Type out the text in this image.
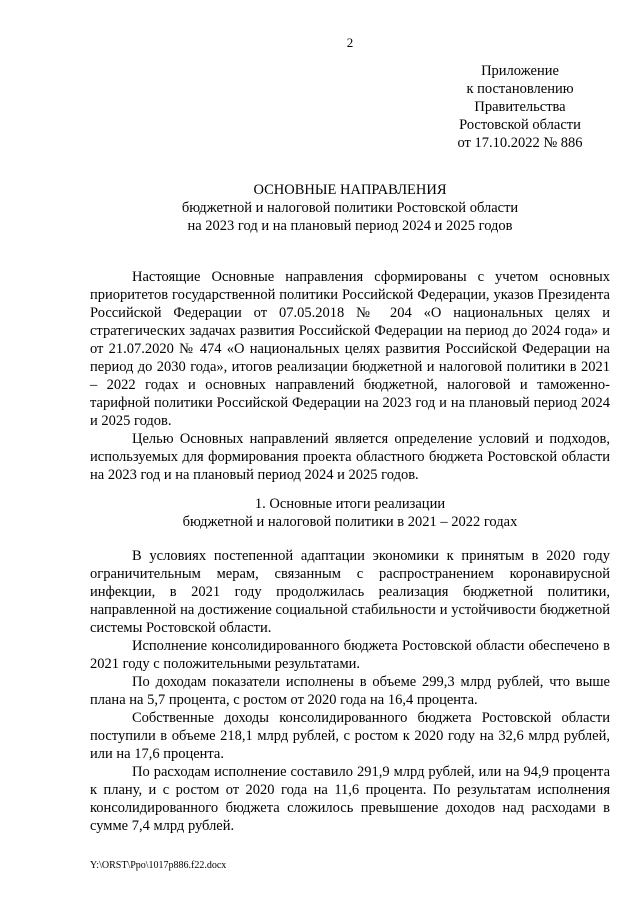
2
Приложение
к постановлению
Правительства
Ростовской области
от 17.10.2022 № 886
ОСНОВНЫЕ НАПРАВЛЕНИЯ
бюджетной и налоговой политики Ростовской области
на 2023 год и на плановый период 2024 и 2025 годов

Настоящие Основные направления сформированы с учетом основных приоритетов государственной политики Российской Федерации, указов Президента Российской Федерации от 07.05.2018 № 204 «О национальных целях и стратегических задачах развития Российской Федерации на период до 2024 года» и от 21.07.2020 № 474 «О национальных целях развития Российской Федерации на период до 2030 года», итогов реализации бюджетной и налоговой политики в 2021 – 2022 годах и основных направлений бюджетной, налоговой и таможенно-тарифной политики Российской Федерации на 2023 год и на плановый период 2024 и 2025 годов.

Целью Основных направлений является определение условий и подходов, используемых для формирования проекта областного бюджета Ростовской области на 2023 год и на плановый период 2024 и 2025 годов.

1. Основные итоги реализации
бюджетной и налоговой политики в 2021 – 2022 годах

В условиях постепенной адаптации экономики к принятым в 2020 году ограничительным мерам, связанным с распространением коронавирусной инфекции, в 2021 году продолжилась реализация бюджетной политики, направленной на достижение социальной стабильности и устойчивости бюджетной системы Ростовской области.

Исполнение консолидированного бюджета Ростовской области обеспечено в 2021 году с положительными результатами.

По доходам показатели исполнены в объеме 299,3 млрд рублей, что выше плана на 5,7 процента, с ростом от 2020 года на 16,4 процента.

Собственные доходы консолидированного бюджета Ростовской области поступили в объеме 218,1 млрд рублей, с ростом к 2020 году на 32,6 млрд рублей, или на 17,6 процента.

По расходам исполнение составило 291,9 млрд рублей, или на 94,9 процента к плану, и с ростом от 2020 года на 11,6 процента. По результатам исполнения консолидированного бюджета сложилось превышение доходов над расходами в сумме 7,4 млрд рублей.

Y:\ORST\Ppo\1017p886.f22.docx
